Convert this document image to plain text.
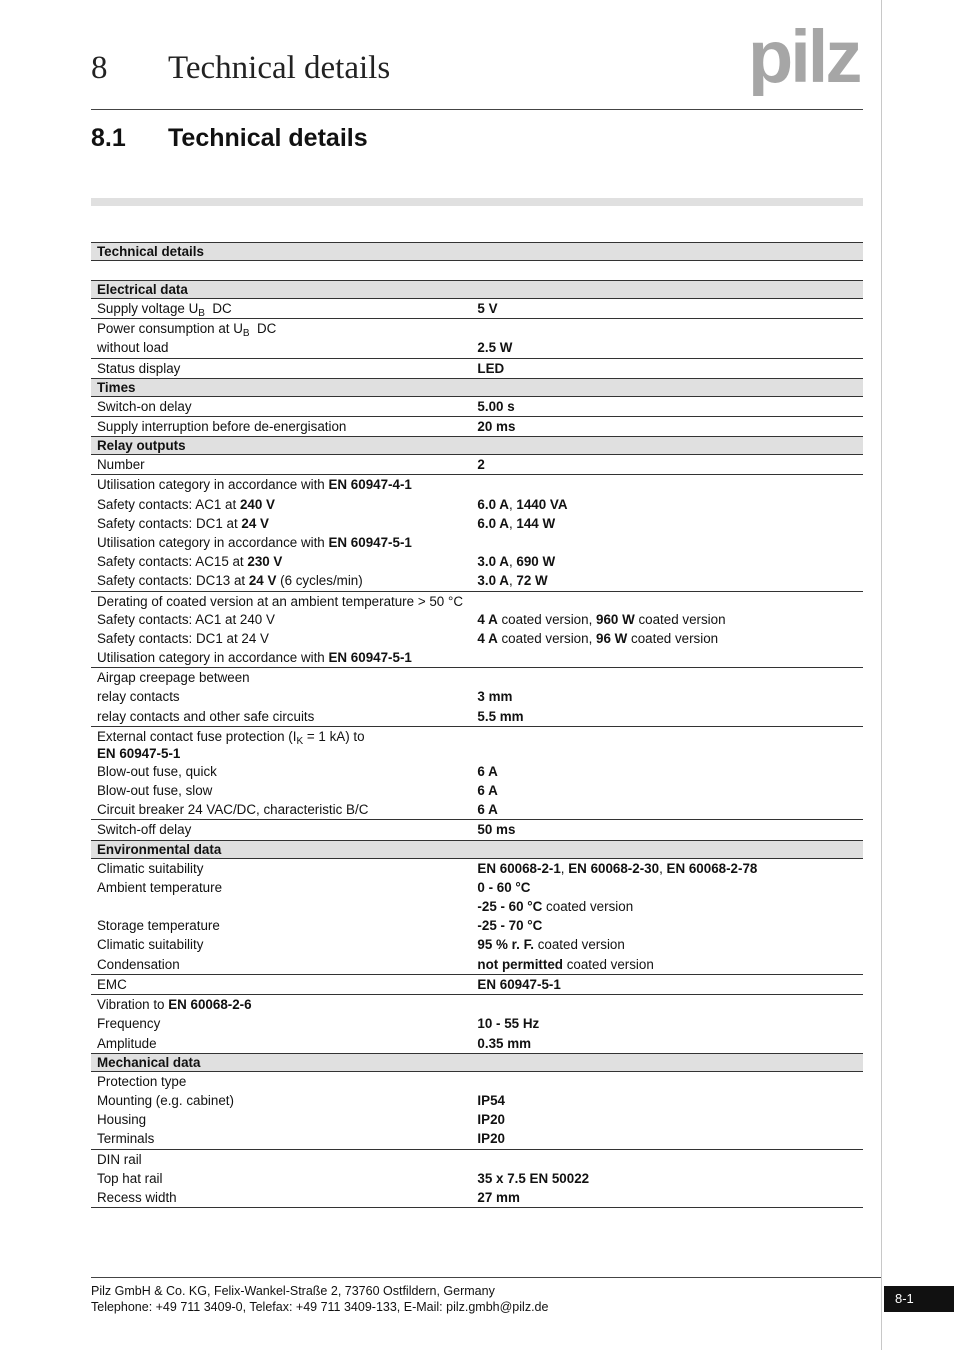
8 Technical details	pilz
8.1 Technical details
Technical details	

Electrical data	
Supply voltage $U_B$  DC	5 V
Power consumption at $U_B$  DC	
without load	2.5 W
Status display	LED
Times	
Switch-on delay	5.00 s
Supply interruption before de-energisation	20 ms
Relay outputs	
Number	2
Utilisation category in accordance with EN 60947-4-1	
Safety contacts: AC1 at 240 V	6.0 A, 1440 VA
Safety contacts: DC1 at 24 V	6.0 A, 144 W
Utilisation category in accordance with EN 60947-5-1	
Safety contacts: AC15 at 230 V	3.0 A, 690 W
Safety contacts: DC13 at 24 V (6 cycles/min)	3.0 A, 72 W
Derating of coated version at an ambient temperature > 50 °C	
Safety contacts: AC1 at 240 V	4 A coated version, 960 W coated version
Safety contacts: DC1 at 24 V	4 A coated version, 96 W coated version
Utilisation category in accordance with EN 60947-5-1	
Airgap creepage between	
relay contacts	3 mm
relay contacts and other safe circuits	5.5 mm
External contact fuse protection ($I_K = 1$ kA) to
EN 60947-5-1	
Blow-out fuse, quick	6 A
Blow-out fuse, slow	6 A
Circuit breaker 24 VAC/DC, characteristic B/C	6 A
Switch-off delay	50 ms
Environmental data	
Climatic suitability	EN 60068-2-1, EN 60068-2-30, EN 60068-2-78
Ambient temperature	0 - 60 °C
	-25 - 60 °C coated version
Storage temperature	-25 - 70 °C
Climatic suitability	95 % r. F. coated version
Condensation	not permitted coated version
EMC	EN 60947-5-1
Vibration to EN 60068-2-6	
Frequency	10 - 55 Hz
Amplitude	0.35 mm
Mechanical data	
Protection type	
Mounting (e.g. cabinet)	IP54
Housing	IP20
Terminals	IP20
DIN rail	
Top hat rail	35 x 7.5 EN 50022
Recess width	27 mm
Pilz GmbH & Co. KG, Felix-Wankel-Straße 2, 73760 Ostfildern, Germany
Telephone: +49 711 3409-0, Telefax: +49 711 3409-133, E-Mail: pilz.gmbh@pilz.de
8-1
